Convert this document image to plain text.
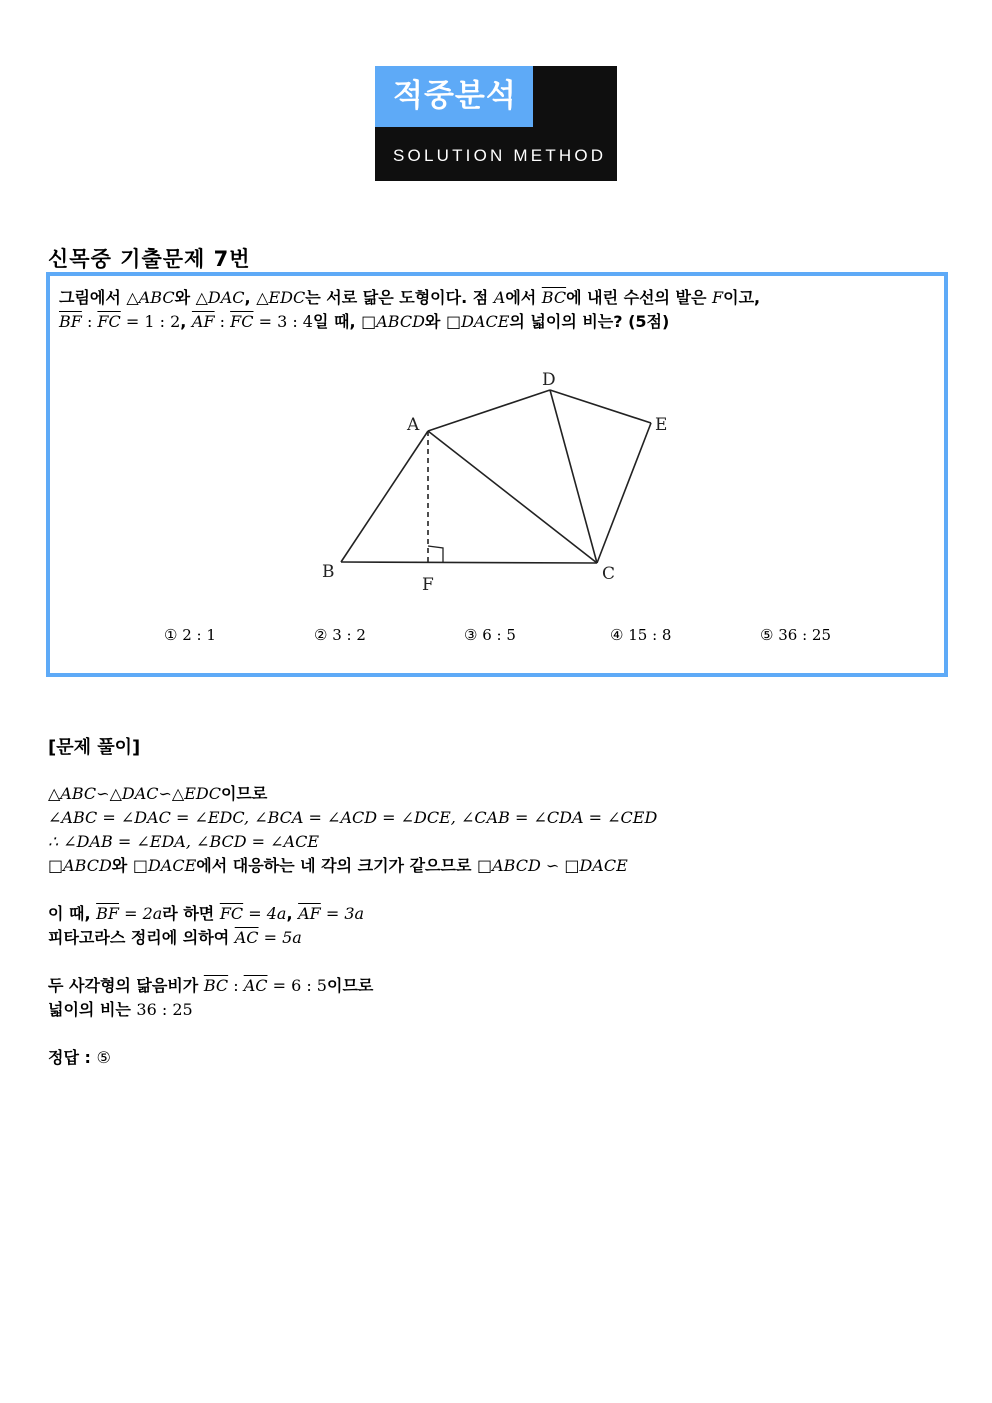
적중분석
SOLUTION METHOD
신목중 기출문제 7번
그림에서 △ABC와 △DAC, △EDC는 서로 닮은 도형이다. 점 A에서 $\overline{BC}$에 내린 수선의 발은 F이고,
$\overline{BF}$ : $\overline{FC} = 1$ : 2, $\overline{AF}$ : $\overline{FC} = 3$ : 4일 때, □ABCD와 □DACE의 넓이의 비는? (5점)
A
B	C
D
E
F
① 2 : 1	② 3 : 2	③ 6 : 5	④ 15 : 8	⑤ 36 : 25
[문제 풀이]
△ABC∽△DAC∽△EDC이므로
∠ABC = ∠DAC = ∠EDC, ∠BCA = ∠ACD = ∠DCE, ∠CAB = ∠CDA = ∠CED
∴ ∠DAB = ∠EDA, ∠BCD = ∠ACE
□ABCD와 □DACE에서 대응하는 네 각의 크기가 같으므로 □ABCD ∽ □DACE
이 때, $\overline{BF} = 2a$라 하면 $\overline{FC} = 4a$, $\overline{AF} = 3a$
피타고라스 정리에 의하여 $\overline{AC} = 5a$
두 사각형의 닮음비가 $\overline{BC}$ : $\overline{AC} = 6$ : 5이므로
넓이의 비는 36 : 25
정답 : ⑤
